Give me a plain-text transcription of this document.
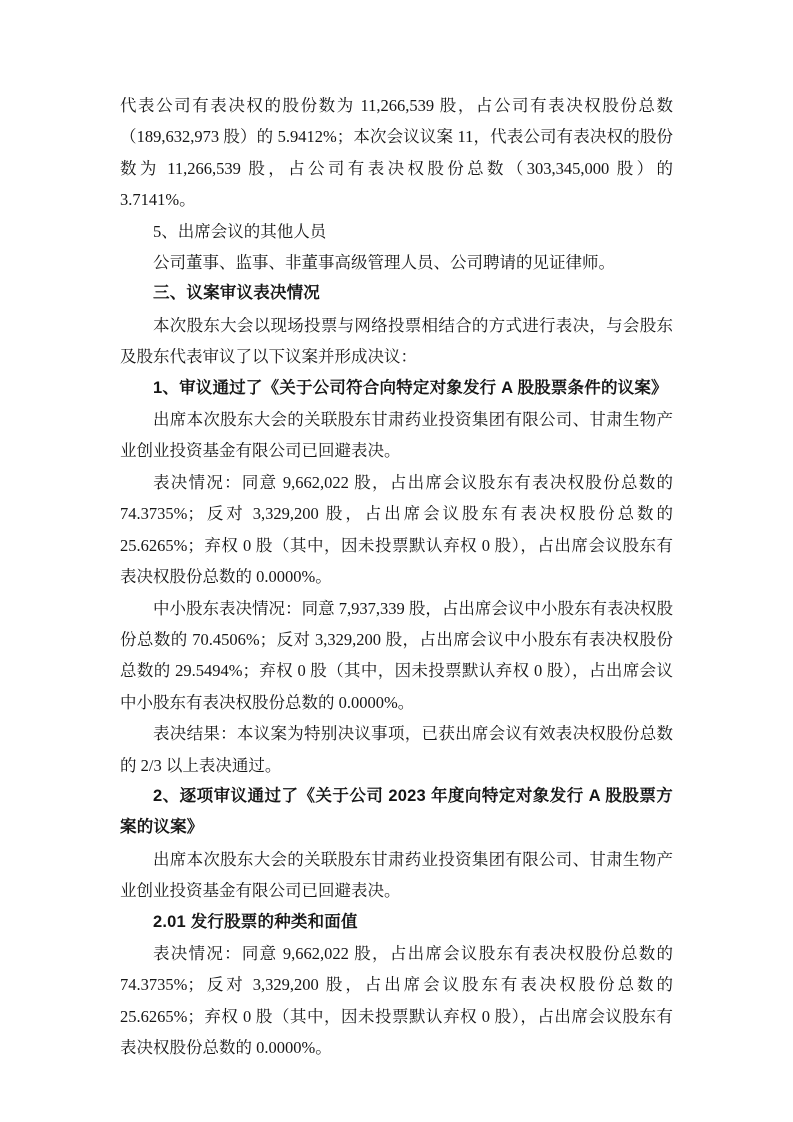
代表公司有表决权的股份数为 11,266,539 股，占公司有表决权股份总数（189,632,973 股）的 5.9412%；本次会议议案 11，代表公司有表决权的股份数为 11,266,539 股，占公司有表决权股份总数（303,345,000 股）的 3.7141%。

5、出席会议的其他人员

公司董事、监事、非董事高级管理人员、公司聘请的见证律师。

三、议案审议表决情况

本次股东大会以现场投票与网络投票相结合的方式进行表决，与会股东及股东代表审议了以下议案并形成决议：

1、审议通过了《关于公司符合向特定对象发行 A 股股票条件的议案》

出席本次股东大会的关联股东甘肃药业投资集团有限公司、甘肃生物产业创业投资基金有限公司已回避表决。

表决情况：同意 9,662,022 股，占出席会议股东有表决权股份总数的 74.3735%；反对 3,329,200 股，占出席会议股东有表决权股份总数的 25.6265%；弃权 0 股（其中，因未投票默认弃权 0 股），占出席会议股东有表决权股份总数的 0.0000%。

中小股东表决情况：同意 7,937,339 股，占出席会议中小股东有表决权股份总数的 70.4506%；反对 3,329,200 股，占出席会议中小股东有表决权股份总数的 29.5494%；弃权 0 股（其中，因未投票默认弃权 0 股），占出席会议中小股东有表决权股份总数的 0.0000%。

表决结果：本议案为特别决议事项，已获出席会议有效表决权股份总数的 2/3 以上表决通过。

2、逐项审议通过了《关于公司 2023 年度向特定对象发行 A 股股票方案的议案》

出席本次股东大会的关联股东甘肃药业投资集团有限公司、甘肃生物产业创业投资基金有限公司已回避表决。

2.01 发行股票的种类和面值

表决情况：同意 9,662,022 股，占出席会议股东有表决权股份总数的 74.3735%；反对 3,329,200 股，占出席会议股东有表决权股份总数的 25.6265%；弃权 0 股（其中，因未投票默认弃权 0 股），占出席会议股东有表决权股份总数的 0.0000%。
